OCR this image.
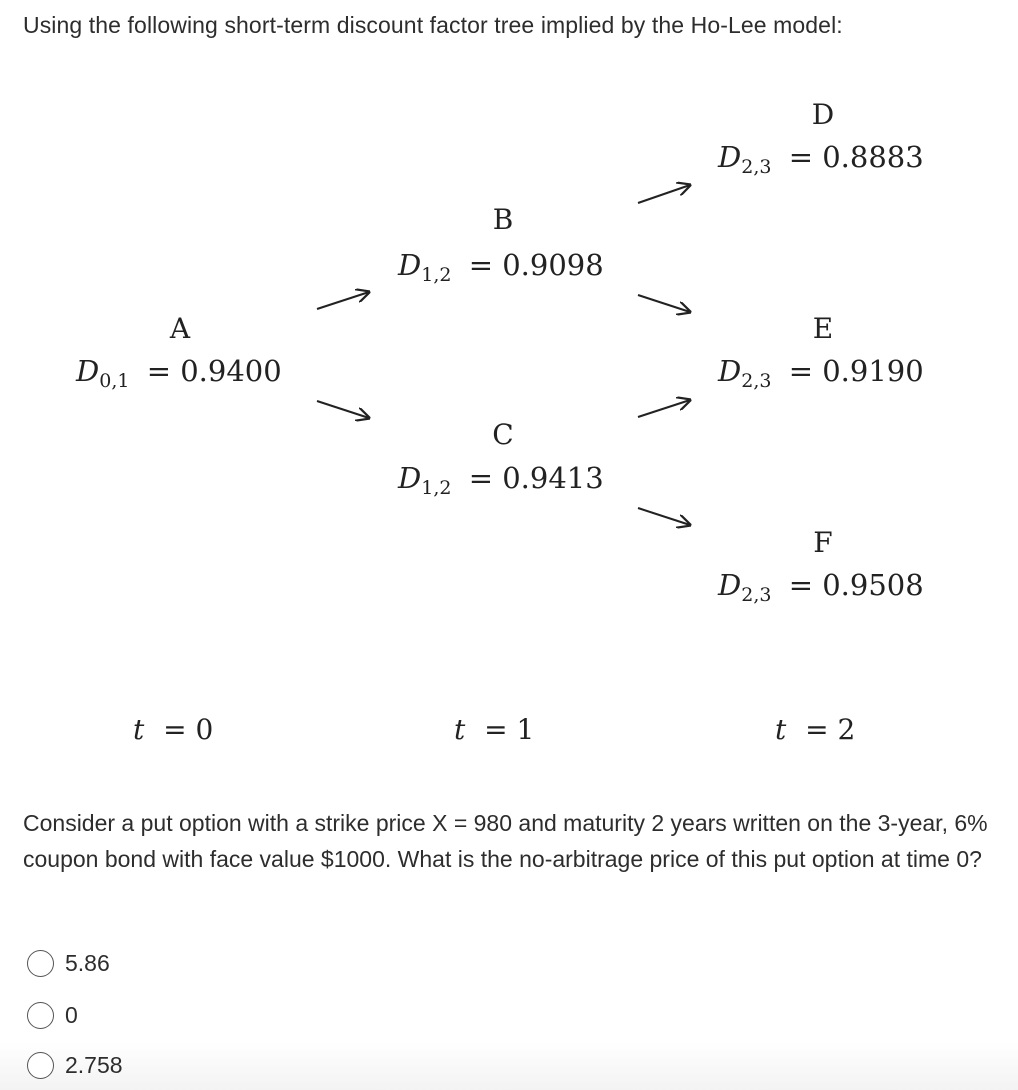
Using the following short-term discount factor tree implied by the Ho-Lee model:
A
$D_{0,1} = 0.9400$
B
$D_{1,2} = 0.9098$
C
$D_{1,2} = 0.9413$
D
$D_{2,3} = 0.8883$
E
$D_{2,3} = 0.9190$
F
$D_{2,3} = 0.9508$
t = 0	t = 1	t = 2
Consider a put option with a strike price X = 980 and maturity 2 years written on the 3-year, 6% coupon bond with face value $1000. What is the no-arbitrage price of this put option at time 0?
5.86
0
2.758
